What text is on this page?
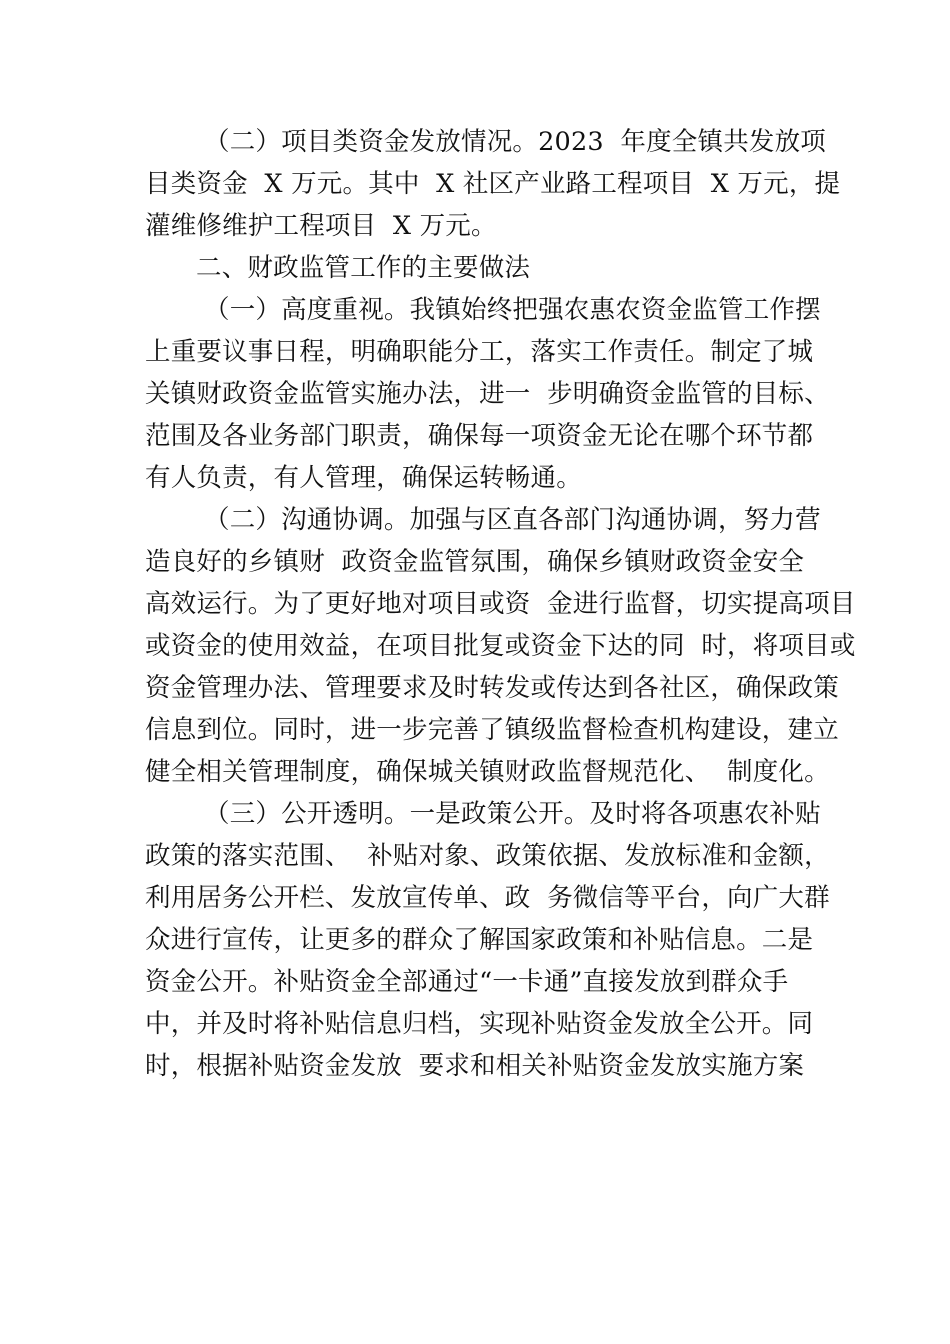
（二）项目类资金发放情况。2023  年度全镇共发放项
目类资金  X 万元。其中  X 社区产业路工程项目  X 万元，提
灌维修维护工程项目  X 万元。
二、财政监管工作的主要做法
（一）高度重视。我镇始终把强农惠农资金监管工作摆
上重要议事日程，明确职能分工，落实工作责任。制定了城
关镇财政资金监管实施办法，进一  步明确资金监管的目标、
范围及各业务部门职责，确保每一项资金无论在哪个环节都
有人负责，有人管理，确保运转畅通。
（二）沟通协调。加强与区直各部门沟通协调，努力营
造良好的乡镇财  政资金监管氛围，确保乡镇财政资金安全
高效运行。为了更好地对项目或资  金进行监督，切实提高项目
或资金的使用效益，在项目批复或资金下达的同  时，将项目或
资金管理办法、管理要求及时转发或传达到各社区，确保政策
信息到位。同时，进一步完善了镇级监督检查机构建设，建立
健全相关管理制度，确保城关镇财政监督规范化、  制度化。
（三）公开透明。一是政策公开。及时将各项惠农补贴
政策的落实范围、  补贴对象、政策依据、发放标准和金额，
利用居务公开栏、发放宣传单、政  务微信等平台，向广大群
众进行宣传，让更多的群众了解国家政策和补贴信息。二是
资金公开。补贴资金全部通过“一卡通”直接发放到群众手
中，并及时将补贴信息归档，实现补贴资金发放全公开。同
时，根据补贴资金发放  要求和相关补贴资金发放实施方案
